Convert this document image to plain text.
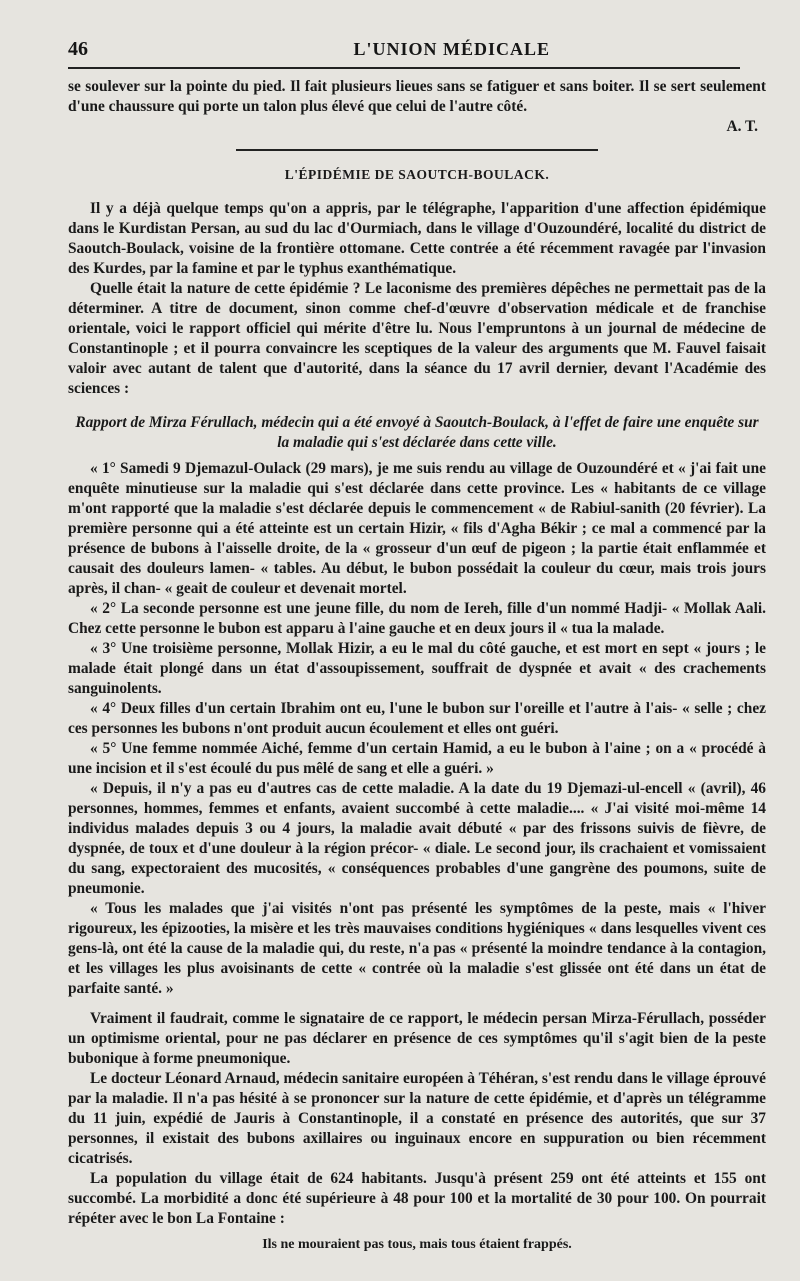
46	L'UNION MÉDICALE

se soulever sur la pointe du pied. Il fait plusieurs lieues sans se fatiguer et sans boiter. Il se sert seulement d'une chaussure qui porte un talon plus élevé que celui de l'autre côté.

A. T.

L'ÉPIDÉMIE DE SAOUTCH-BOULACK.

Il y a déjà quelque temps qu'on a appris, par le télégraphe, l'apparition d'une affection épidémique dans le Kurdistan Persan, au sud du lac d'Ourmiach, dans le village d'Ouzoundéré, localité du district de Saoutch-Boulack, voisine de la frontière ottomane. Cette contrée a été récemment ravagée par l'invasion des Kurdes, par la famine et par le typhus exanthématique.

Quelle était la nature de cette épidémie ? Le laconisme des premières dépêches ne permettait pas de la déterminer. A titre de document, sinon comme chef-d'œuvre d'observation médicale et de franchise orientale, voici le rapport officiel qui mérite d'être lu. Nous l'empruntons à un journal de médecine de Constantinople ; et il pourra convaincre les sceptiques de la valeur des arguments que M. Fauvel faisait valoir avec autant de talent que d'autorité, dans la séance du 17 avril dernier, devant l'Académie des sciences :

Rapport de Mirza Férullach, médecin qui a été envoyé à Saoutch-Boulack, à l'effet de faire une enquête sur la maladie qui s'est déclarée dans cette ville.

« 1° Samedi 9 Djemazul-Oulack (29 mars), je me suis rendu au village de Ouzoundéré et « j'ai fait une enquête minutieuse sur la maladie qui s'est déclarée dans cette province. Les « habitants de ce village m'ont rapporté que la maladie s'est déclarée depuis le commencement « de Rabiul-sanith (20 février). La première personne qui a été atteinte est un certain Hizir, « fils d'Agha Békir ; ce mal a commencé par la présence de bubons à l'aisselle droite, de la « grosseur d'un œuf de pigeon ; la partie était enflammée et causait des douleurs lamen- « tables. Au début, le bubon possédait la couleur du cœur, mais trois jours après, il chan- « geait de couleur et devenait mortel.

« 2° La seconde personne est une jeune fille, du nom de Iereh, fille d'un nommé Hadji- « Mollak Aali. Chez cette personne le bubon est apparu à l'aine gauche et en deux jours il « tua la malade.

« 3° Une troisième personne, Mollak Hizir, a eu le mal du côté gauche, et est mort en sept « jours ; le malade était plongé dans un état d'assoupissement, souffrait de dyspnée et avait « des crachements sanguinolents.

« 4° Deux filles d'un certain Ibrahim ont eu, l'une le bubon sur l'oreille et l'autre à l'ais- « selle ; chez ces personnes les bubons n'ont produit aucun écoulement et elles ont guéri.

« 5° Une femme nommée Aiché, femme d'un certain Hamid, a eu le bubon à l'aine ; on a « procédé à une incision et il s'est écoulé du pus mêlé de sang et elle a guéri. »

« Depuis, il n'y a pas eu d'autres cas de cette maladie. A la date du 19 Djemazi-ul-encell « (avril), 46 personnes, hommes, femmes et enfants, avaient succombé à cette maladie.... « J'ai visité moi-même 14 individus malades depuis 3 ou 4 jours, la maladie avait débuté « par des frissons suivis de fièvre, de dyspnée, de toux et d'une douleur à la région précor- « diale. Le second jour, ils crachaient et vomissaient du sang, expectoraient des mucosités, « conséquences probables d'une gangrène des poumons, suite de pneumonie.

« Tous les malades que j'ai visités n'ont pas présenté les symptômes de la peste, mais « l'hiver rigoureux, les épizooties, la misère et les très mauvaises conditions hygiéniques « dans lesquelles vivent ces gens-là, ont été la cause de la maladie qui, du reste, n'a pas « présenté la moindre tendance à la contagion, et les villages les plus avoisinants de cette « contrée où la maladie s'est glissée ont été dans un état de parfaite santé. »

Vraiment il faudrait, comme le signataire de ce rapport, le médecin persan Mirza-Férullach, posséder un optimisme oriental, pour ne pas déclarer en présence de ces symptômes qu'il s'agit bien de la peste bubonique à forme pneumonique.

Le docteur Léonard Arnaud, médecin sanitaire européen à Téhéran, s'est rendu dans le village éprouvé par la maladie. Il n'a pas hésité à se prononcer sur la nature de cette épidémie, et d'après un télégramme du 11 juin, expédié de Jauris à Constantinople, il a constaté en présence des autorités, que sur 37 personnes, il existait des bubons axillaires ou inguinaux encore en suppuration ou bien récemment cicatrisés.

La population du village était de 624 habitants. Jusqu'à présent 259 ont été atteints et 155 ont succombé. La morbidité a donc été supérieure à 48 pour 100 et la mortalité de 30 pour 100. On pourrait répéter avec le bon La Fontaine :

Ils ne mouraient pas tous, mais tous étaient frappés.
